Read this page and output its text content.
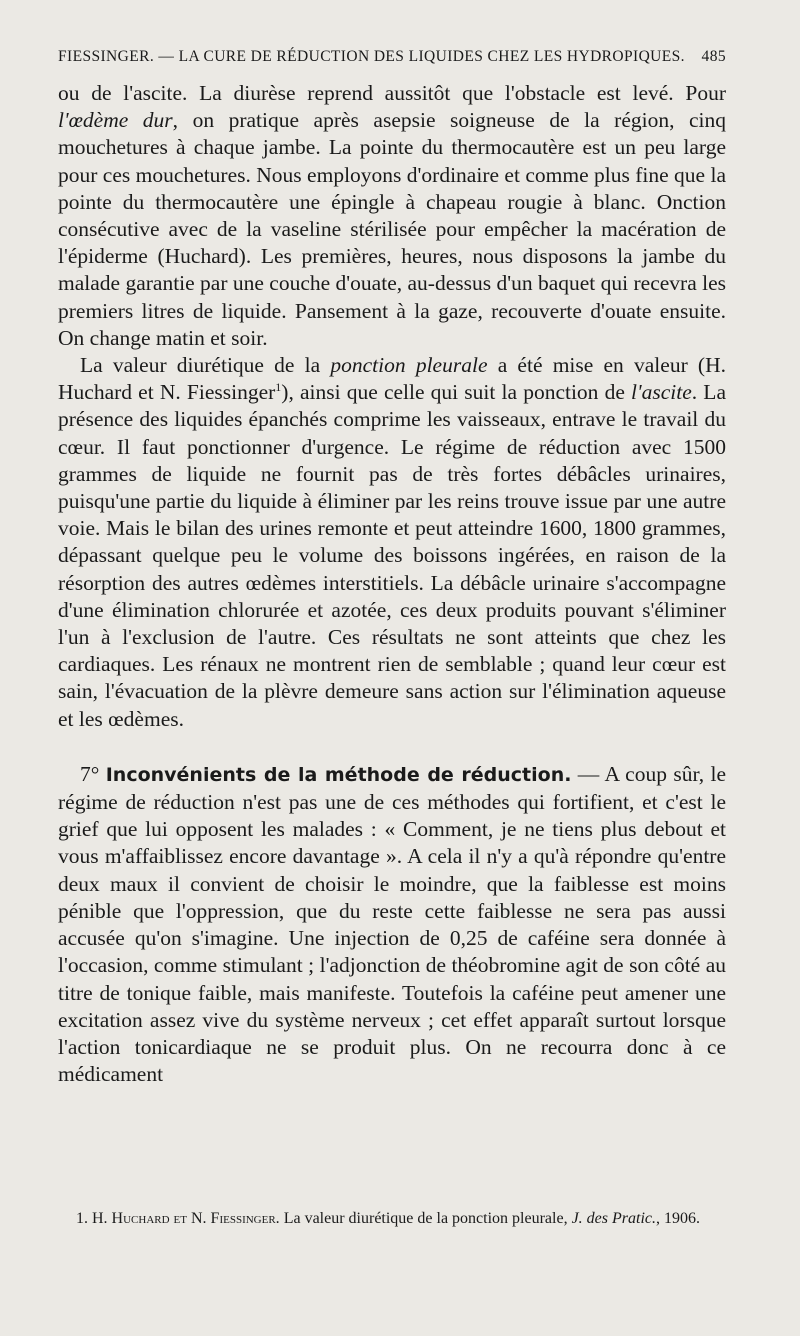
FIESSINGER. — LA CURE DE RÉDUCTION DES LIQUIDES CHEZ LES HYDROPIQUES. 485

ou de l'ascite. La diurèse reprend aussitôt que l'obstacle est levé. Pour l'œdème dur, on pratique après asepsie soigneuse de la région, cinq mouchetures à chaque jambe. La pointe du thermocautère est un peu large pour ces mouchetures. Nous employons d'ordinaire et comme plus fine que la pointe du thermocautère une épingle à chapeau rougie à blanc. Onction consécutive avec de la vaseline stérilisée pour empêcher la macération de l'épiderme (Huchard). Les premières, heures, nous disposons la jambe du malade garantie par une couche d'ouate, au-dessus d'un baquet qui recevra les premiers litres de liquide. Pansement à la gaze, recouverte d'ouate ensuite. On change matin et soir.

La valeur diurétique de la ponction pleurale a été mise en valeur (H. Huchard et N. Fiessinger$^1$), ainsi que celle qui suit la ponction de l'ascite. La présence des liquides épanchés comprime les vaisseaux, entrave le travail du cœur. Il faut ponctionner d'urgence. Le régime de réduction avec 1500 grammes de liquide ne fournit pas de très fortes débâcles urinaires, puisqu'une partie du liquide à éliminer par les reins trouve issue par une autre voie. Mais le bilan des urines remonte et peut atteindre 1600, 1800 grammes, dépassant quelque peu le volume des boissons ingérées, en raison de la résorption des autres œdèmes interstitiels. La débâcle urinaire s'accompagne d'une élimination chlorurée et azotée, ces deux produits pouvant s'éliminer l'un à l'exclusion de l'autre. Ces résultats ne sont atteints que chez les cardiaques. Les rénaux ne montrent rien de semblable ; quand leur cœur est sain, l'évacuation de la plèvre demeure sans action sur l'élimination aqueuse et les œdèmes.

7° Inconvénients de la méthode de réduction. — A coup sûr, le régime de réduction n'est pas une de ces méthodes qui fortifient, et c'est le grief que lui opposent les malades : « Comment, je ne tiens plus debout et vous m'affaiblissez encore davantage ». A cela il n'y a qu'à répondre qu'entre deux maux il convient de choisir le moindre, que la faiblesse est moins pénible que l'oppression, que du reste cette faiblesse ne sera pas aussi accusée qu'on s'imagine. Une injection de 0,25 de caféine sera donnée à l'occasion, comme stimulant ; l'adjonction de théobromine agit de son côté au titre de tonique faible, mais manifeste. Toutefois la caféine peut amener une excitation assez vive du système nerveux ; cet effet apparaît surtout lorsque l'action tonicardiaque ne se produit plus. On ne recourra donc à ce médicament

1. H. Huchard et N. Fiessinger. La valeur diurétique de la ponction pleurale, J. des Pratic., 1906.
